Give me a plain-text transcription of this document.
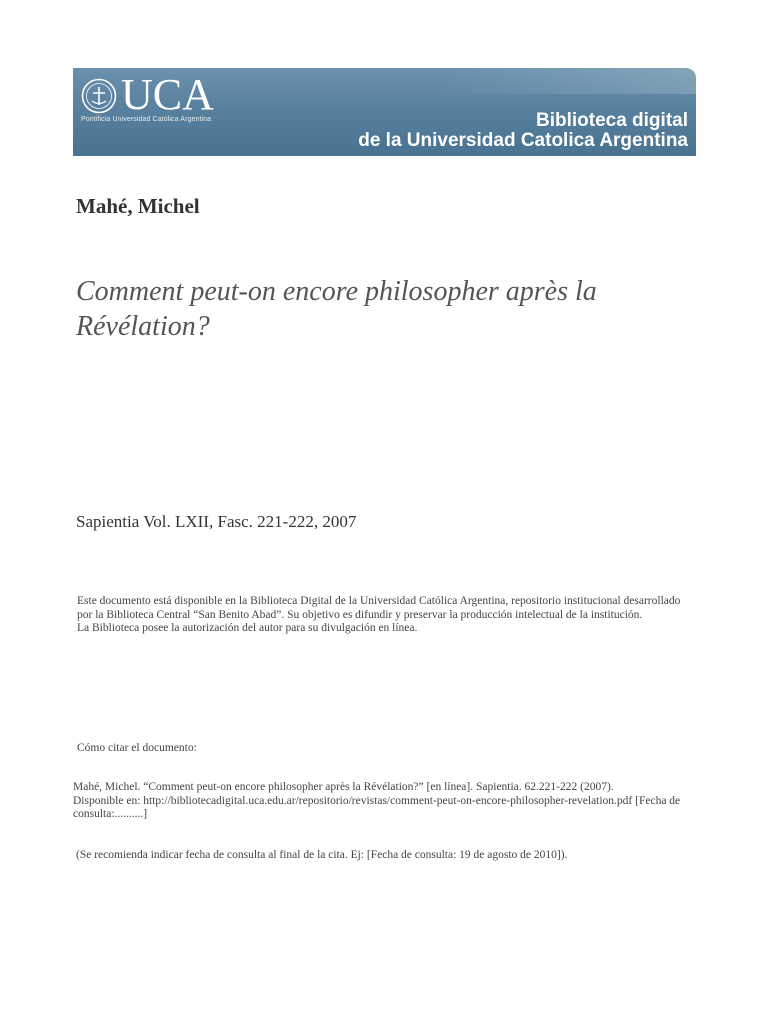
UCA
Pontificia Universidad Católica Argentina	Biblioteca digital
de la Universidad Catolica Argentina
Mahé, Michel
Comment peut-on encore philosopher après la Révélation?
Sapientia Vol. LXII, Fasc. 221-222, 2007

Este documento está disponible en la Biblioteca Digital de la Universidad Católica Argentina, repositorio institucional desarrollado por la Biblioteca Central “San Benito Abad”. Su objetivo es difundir y preservar la producción intelectual de la institución.

La Biblioteca posee la autorización del autor para su divulgación en línea.

Cómo citar el documento:

Mahé, Michel. “Comment peut-on encore philosopher après la Révélation?” [en línea]. Sapientia. 62.221-222 (2007).

Disponible en: http://bibliotecadigital.uca.edu.ar/repositorio/revistas/comment-peut-on-encore-philosopher-revelation.pdf [Fecha de consulta:..........]

(Se recomienda indicar fecha de consulta al final de la cita. Ej: [Fecha de consulta: 19 de agosto de 2010]).
